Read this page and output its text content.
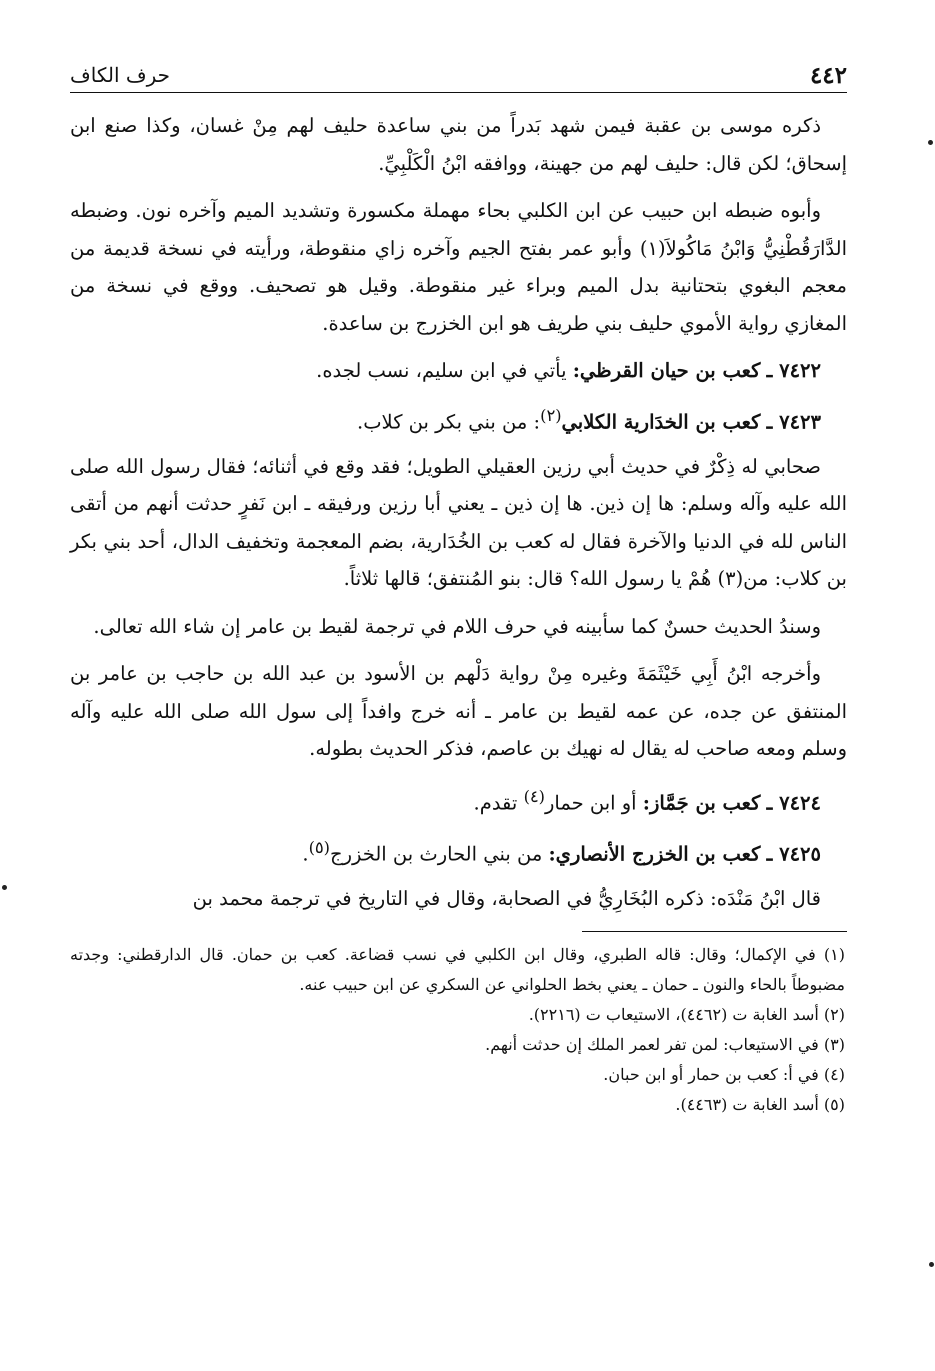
٤٤٢
حرف الكاف

ذكره موسى بن عقبة فيمن شهد بَدراً من بني ساعدة حليف لهم مِنْ غسان، وكذا صنع ابن إسحاق؛ لكن قال: حليف لهم من جهينة، ووافقه ابْنُ الْكَلْبِيِّ.

وأبوه ضبطه ابن حبيب عن ابن الكلبي بحاء مهملة مكسورة وتشديد الميم وآخره نون. وضبطه الدَّارَقُطْنِيُّ وَابْنُ مَاكُولاَ(١) وأبو عمر بفتح الجيم وآخره زاي منقوطة، ورأيته في نسخة قديمة من معجم البغوي بتحتانية بدل الميم وبراء غير منقوطة. وقيل هو تصحيف. ووقع في نسخة من المغازي رواية الأموي حليف بني طريف هو ابن الخزرج بن ساعدة.

٧٤٢٢ ـ كعب بن حيان القرظي: يأتي في ابن سليم، نسب لجده.

٧٤٢٣ ـ كعب بن الخدَارية الكلابي$^{(٢)}$: من بني بكر بن كلاب.

صحابي له ذِكْرٌ في حديث أبي رزين العقيلي الطويل؛ فقد وقع في أثنائه؛ فقال رسول الله صلى الله عليه وآله وسلم: ها إن ذين. ها إن ذين ـ يعني أبا رزين ورفيقه ـ ابن نَفرٍ حدثت أنهم من أتقى الناس لله في الدنيا والآخرة فقال له كعب بن الخُدَارية، بضم المعجمة وتخفيف الدال، أحد بني بكر بن كلاب: من(٣) هُمْ يا رسول الله؟ قال: بنو المُنتفق؛ قالها ثلاثاً.

وسندُ الحديث حسنٌ كما سأبينه في حرف اللام في ترجمة لقيط بن عامر إن شاء الله تعالى.

وأخرجه ابْنُ أَبِي خَيْثَمَةَ وغيره مِنْ رواية دَلْهم بن الأسود بن عبد الله بن حاجب بن عامر بن المنتفق عن جده، عن عمه لقيط بن عامر ـ أنه خرج وافداً إلى سول الله صلى الله عليه وآله وسلم ومعه صاحب له يقال له نهيك بن عاصم، فذكر الحديث بطوله.

٧٤٢٤ ـ كعب بن جَمَّاز: أو ابن حمار$^{(٤)}$ تقدم.

٧٤٢٥ ـ كعب بن الخزرج الأنصاري: من بني الحارث بن الخزرج$^{(٥)}$.

قال ابْنُ مَنْدَه: ذكره البُخَارِيُّ في الصحابة، وقال في التاريخ في ترجمة محمد بن

(١) في الإكمال؛ وقال: قاله الطبري، وقال ابن الكلبي في نسب قضاعة. كعب بن حمان. قال الدارقطني: وجدته مضبوطاً بالحاء والنون ـ حمان ـ يعني بخط الحلواني عن السكري عن ابن حبيب عنه.

(٢) أسد الغابة ت (٤٤٦٢)، الاستيعاب ت (٢٢١٦).

(٣) في الاستيعاب: لمن تفر لعمر الملك إن حدثت أنهم.

(٤) في أ: كعب بن حمار أو ابن حبان.

(٥) أسد الغابة ت (٤٤٦٣).
